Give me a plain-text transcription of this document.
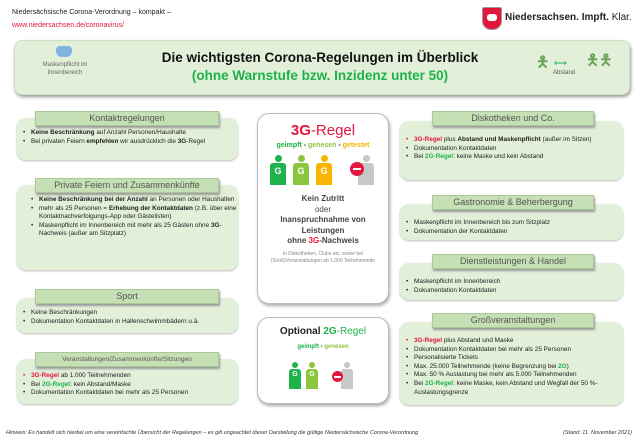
Niedersächsische Corona-Verordnung – kompakt –
www.niedersachsen.de/coronavirus/
Niedersachsen. Impft. Klar.
Maskenpflicht im Innenbereich
Die wichtigsten Corona-Regelungen im Überblick
(ohne Warnstufe bzw. Inzidenz unter 50)
🯅 ⟷
Abstand
🯅🯅
• Keine Beschränkung auf Anzahl Personen/Haushalte
• Bei privaten Feiern empfehlen wir ausdrücklich die 3G-Regel
Kontaktregelungen
• Keine Beschränkung bei der Anzahl an Personen oder Haushalten
• mehr als 25 Personen = Erhebung der Kontaktdaten (z.B. über eine Kontaktnachverfolgungs-App oder Gästelisten)
• Maskenpflicht im Innenbereich mit mehr als 25 Gästen ohne 3G-Nachweis (außer am Sitzplatz)
Private Feiern und Zusammenkünfte
• Keine Beschränkungen
• Dokumentation Kontaktdaten in Hallenschwimmbädern u.ä.
Sport
• 3G-Regel ab 1.000 Teilnehmenden
• Bei 2G-Regel: kein Abstand/Maske
• Dokumentation Kontaktdaten bei mehr als 25 Personen
Veranstaltungen/Zusammenkünfte/Sitzungen
• 3G-Regel plus Abstand und Maskenpflicht (außer im Sitzen)
• Dokumentation Kontaktdaten
• Bei 2G-Regel: keine Maske und kein Abstand
Diskotheken und Co.
• Maskenpflicht im Innenbereich bis zum Sitzplatz
• Dokumentation der Kontaktdaten
Gastronomie & Beherbergung
• Maskenpflicht im Innenbereich
• Dokumentation Kontaktdaten
Dienstleistungen & Handel
• 3G-Regel plus Abstand und Maske
• Dokumentation Kontaktdaten bei mehr als 25 Personen
• Personalisierte Tickets
• Max. 25.000 Teilnehmende (keine Begrenzung bei 2G)
• Max. 50 % Auslastung bei mehr als 5.000 Teilnehmenden
• Bei 2G-Regel: keine Maske, kein Abstand und Wegfall der 50 %-Auslastungsgrenze
Großveranstaltungen
3G-Regel
geimpft - genesen - getestet
G	G	G
Kein Zutritt
oder
Inanspruchnahme von Leistungen
ohne 3G-Nachweis
in Diskotheken, Clubs etc. sowie bei (Groß)Veranstaltungen ab 1.000 Teilnehmende
Optional 2G-Regel
geimpft - genesen
G	G
Hinweis: Es handelt sich hierbei um eine vereinfachte Übersicht der Regelungen – es gilt ungeachtet dieser Darstellung die gültige Niedersächsische Corona-Verordnung	(Stand: 11. November 2021)
